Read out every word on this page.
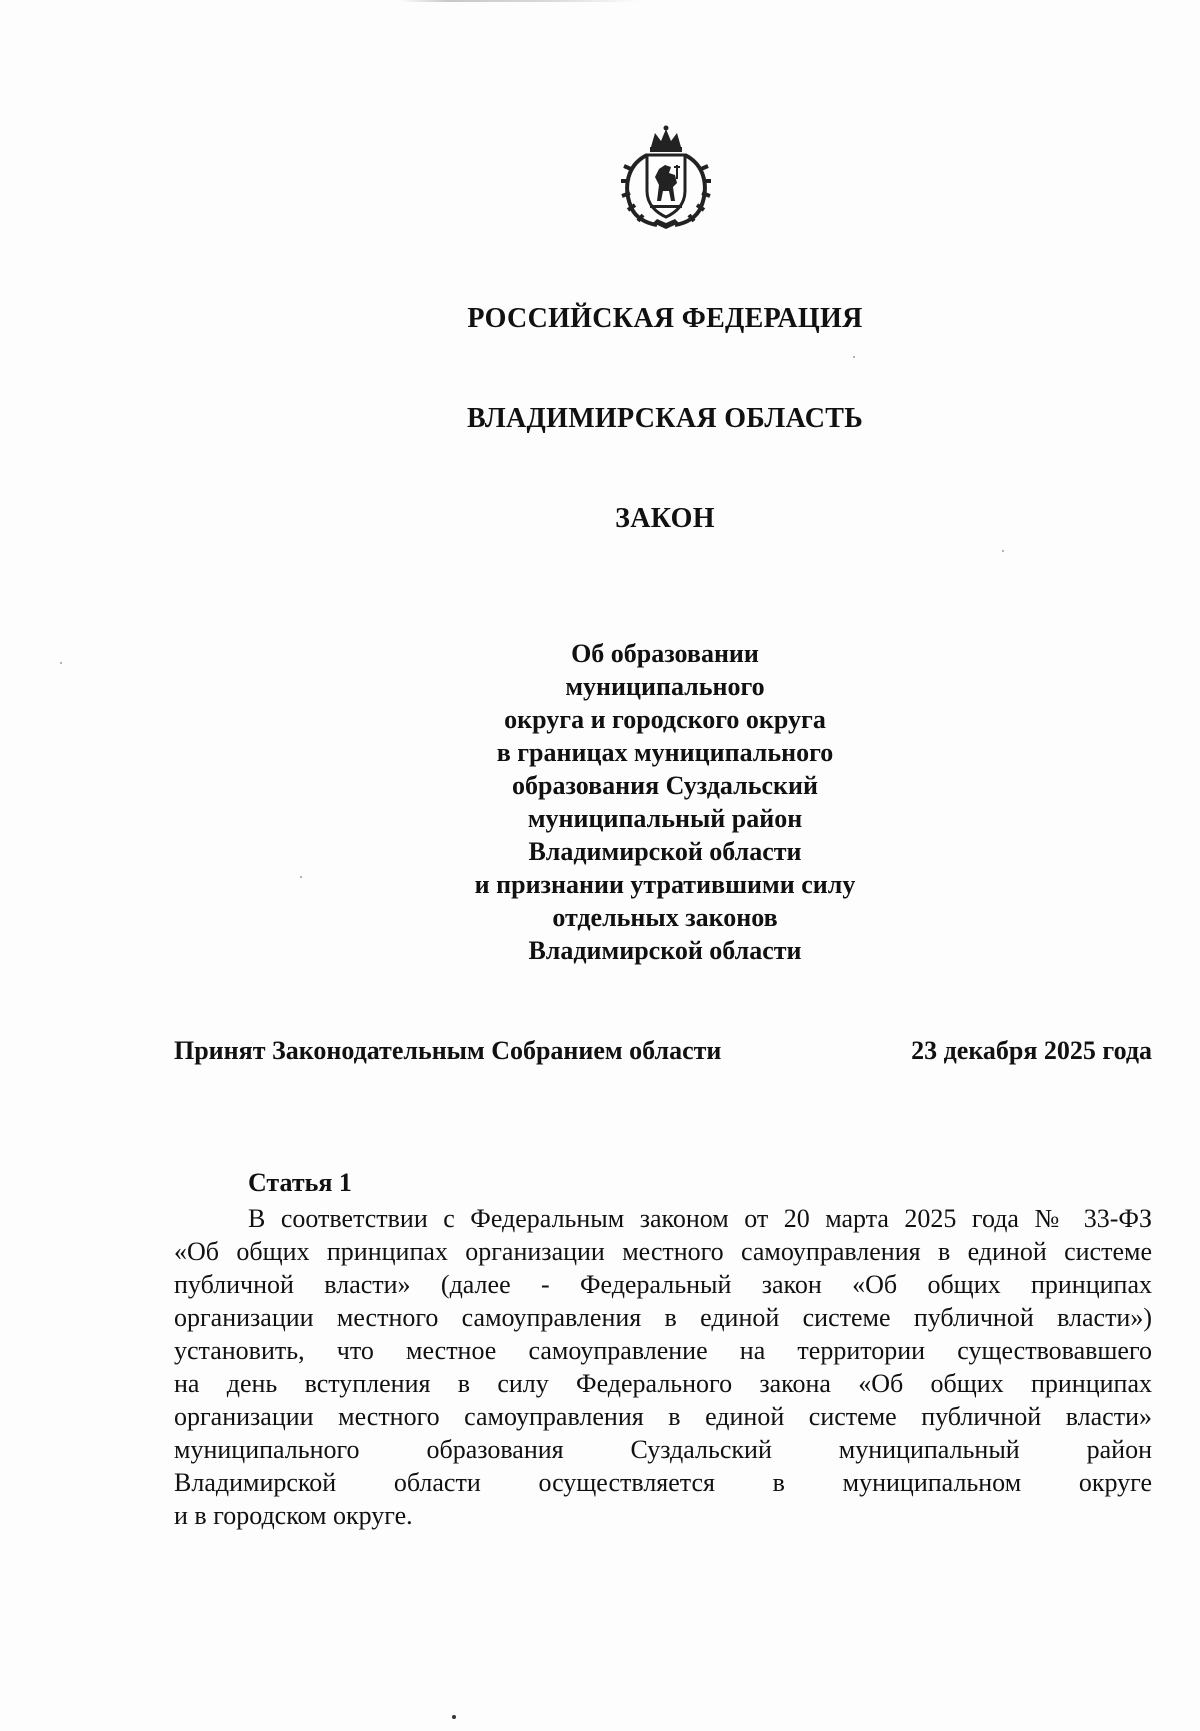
РОССИЙСКАЯ ФЕДЕРАЦИЯ
ВЛАДИМИРСКАЯ ОБЛАСТЬ
ЗАКОН
Об образовании
муниципального
округа и городского округа
в границах муниципального
образования Суздальский
муниципальный район
Владимирской области
и признании утратившими силу
отдельных законов
Владимирской области
Принят Законодательным Собранием области	23 декабря 2025 года
Статья 1
В соответствии с Федеральным законом от 20 марта 2025 года № 33-ФЗ
«Об общих принципах организации местного самоуправления в единой системе
публичной власти» (далее - Федеральный закон «Об общих принципах
организации местного самоуправления в единой системе публичной власти»)
установить, что местное самоуправление на территории существовавшего
на день вступления в силу Федерального закона «Об общих принципах
организации местного самоуправления в единой системе публичной власти»
муниципального образования Суздальский муниципальный район
Владимирской области осуществляется в муниципальном округе
и в городском округе.
